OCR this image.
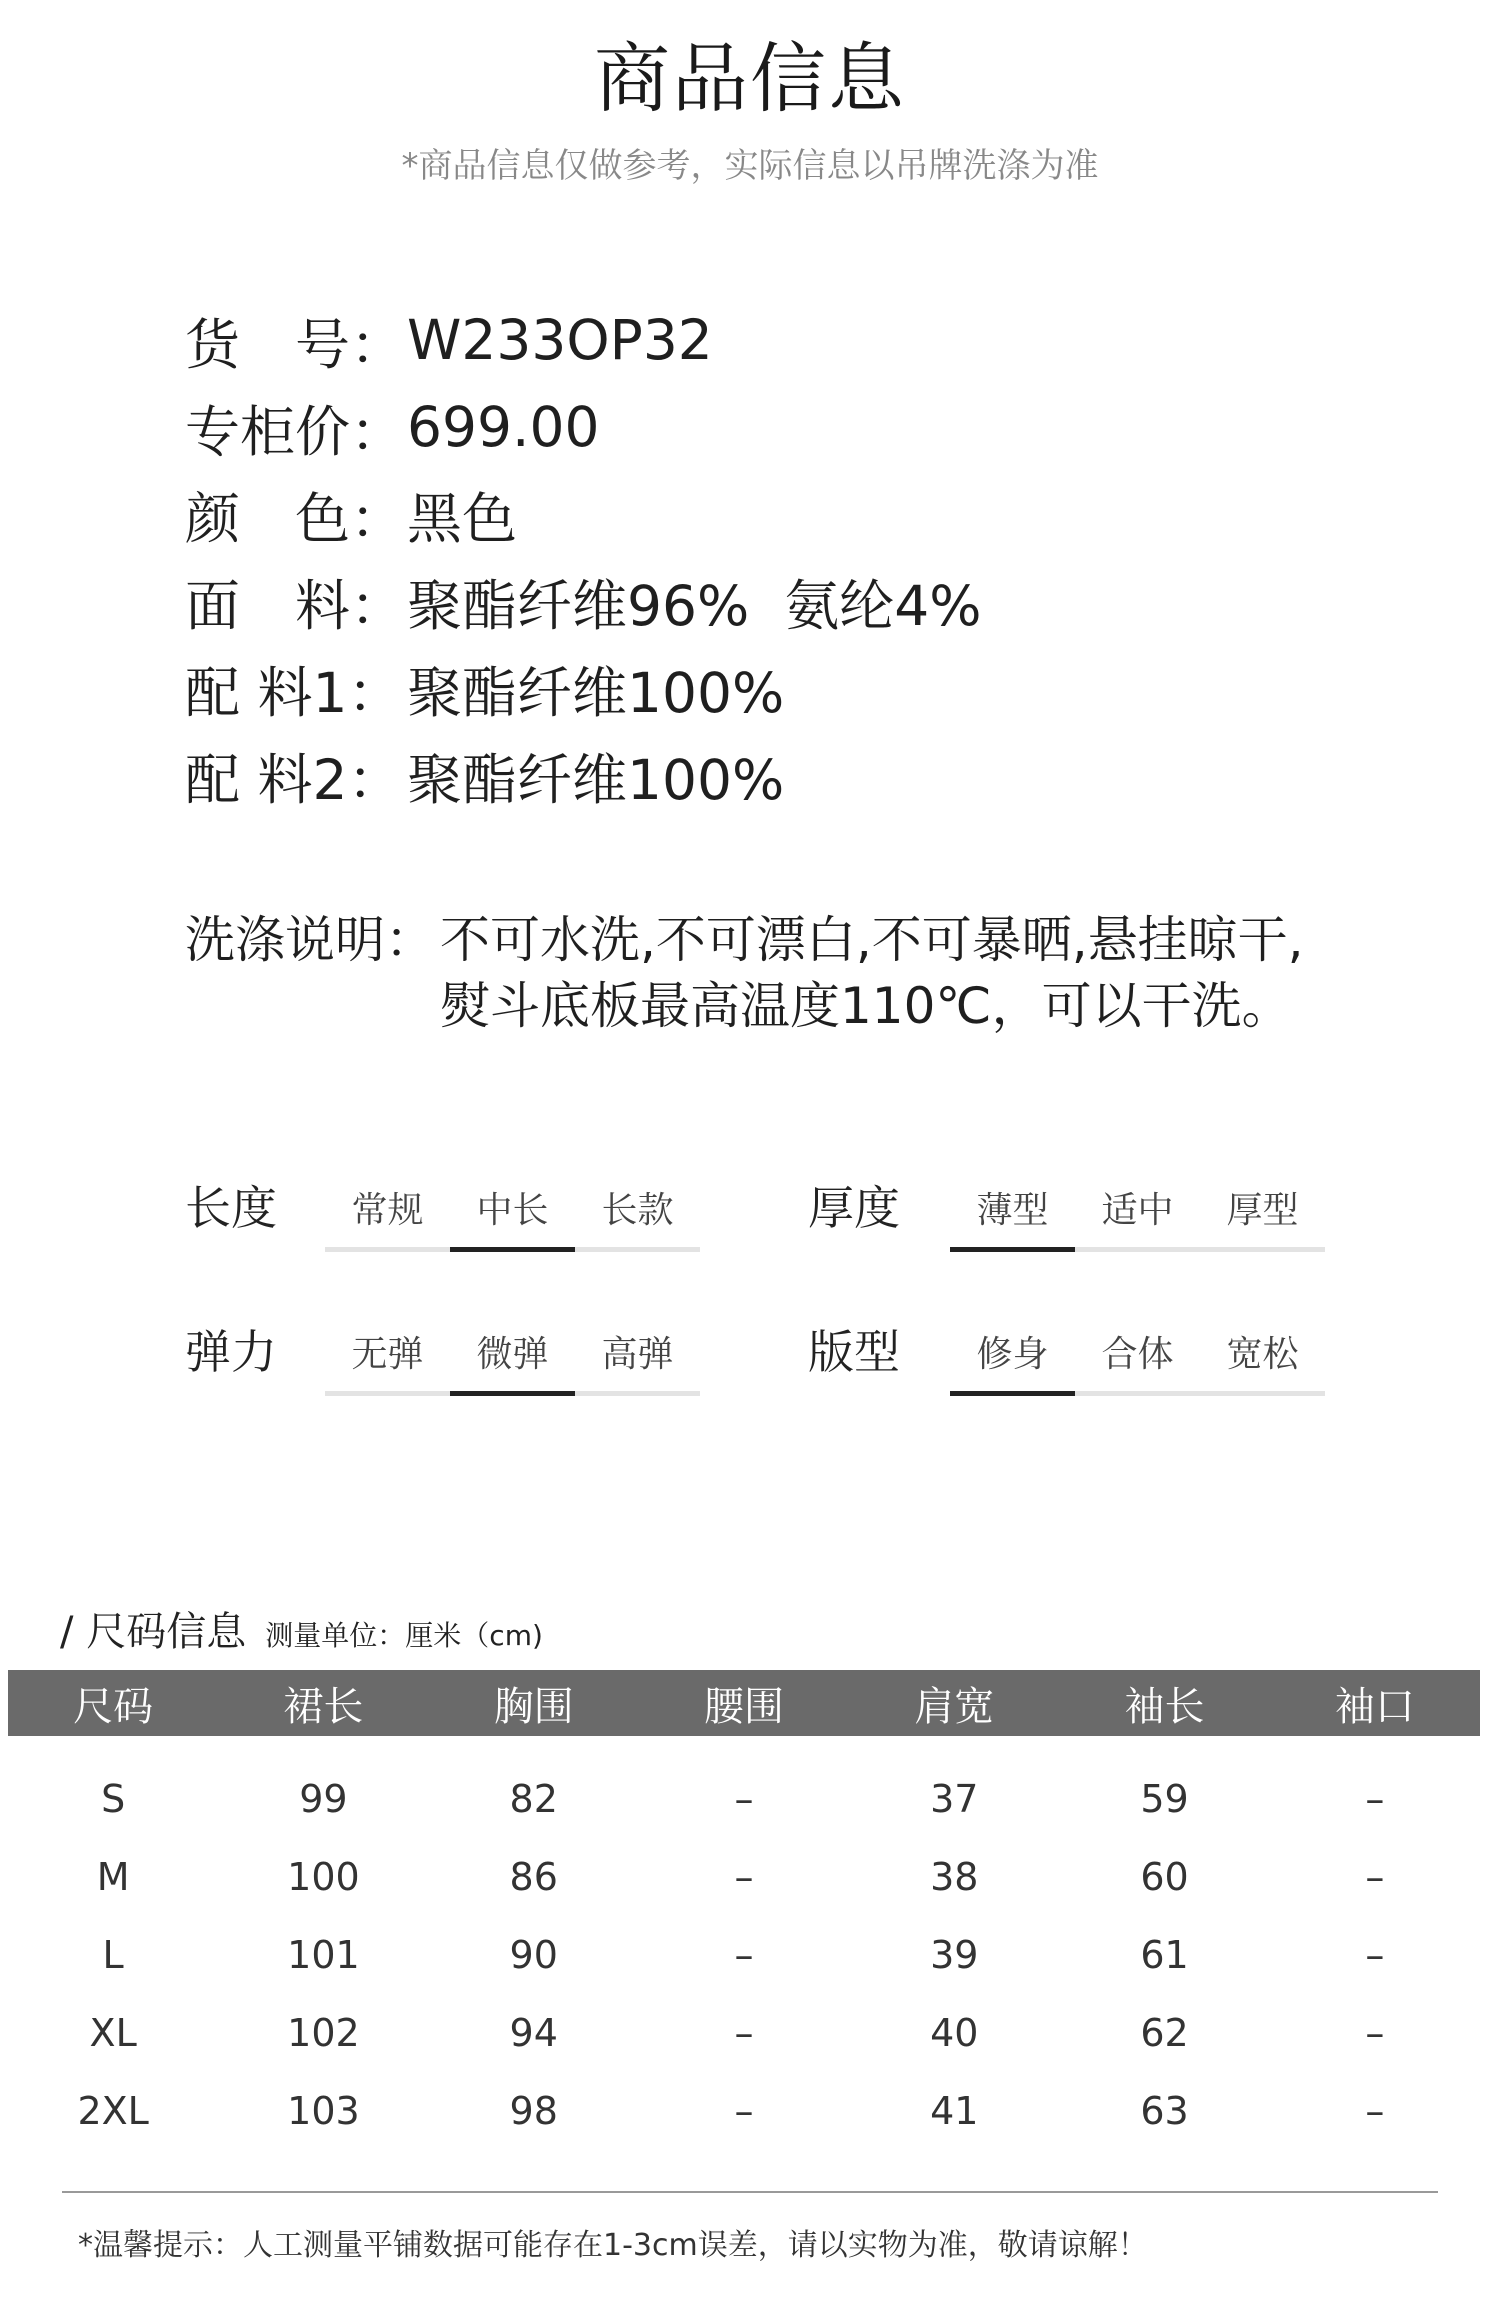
商品信息
*商品信息仅做参考，实际信息以吊牌洗涤为准
货　号： W233OP32
专柜价： 699.00
颜　色： 黑色
面　料： 聚酯纤维96%  氨纶4%
配 料1： 聚酯纤维100%
配 料2： 聚酯纤维100%
洗涤说明： 不可水洗,不可漂白,不可暴晒,悬挂晾干,
熨斗底板最高温度110℃，可以干洗。
长度	常规	中长	长款	厚度	薄型	适中	厚型
弹力	无弹	微弹	高弹	版型	修身	合体	宽松
/ 尺码信息 测量单位：厘米（cm)
尺码	裙长	胸围	腰围	肩宽	袖长	袖口

S	99	82	–	37	59	–
M	100	86	–	38	60	–
L	101	90	–	39	61	–
XL	102	94	–	40	62	–
2XL	103	98	–	41	63	–
*温馨提示：人工测量平铺数据可能存在1-3cm误差，请以实物为准，敬请谅解！
